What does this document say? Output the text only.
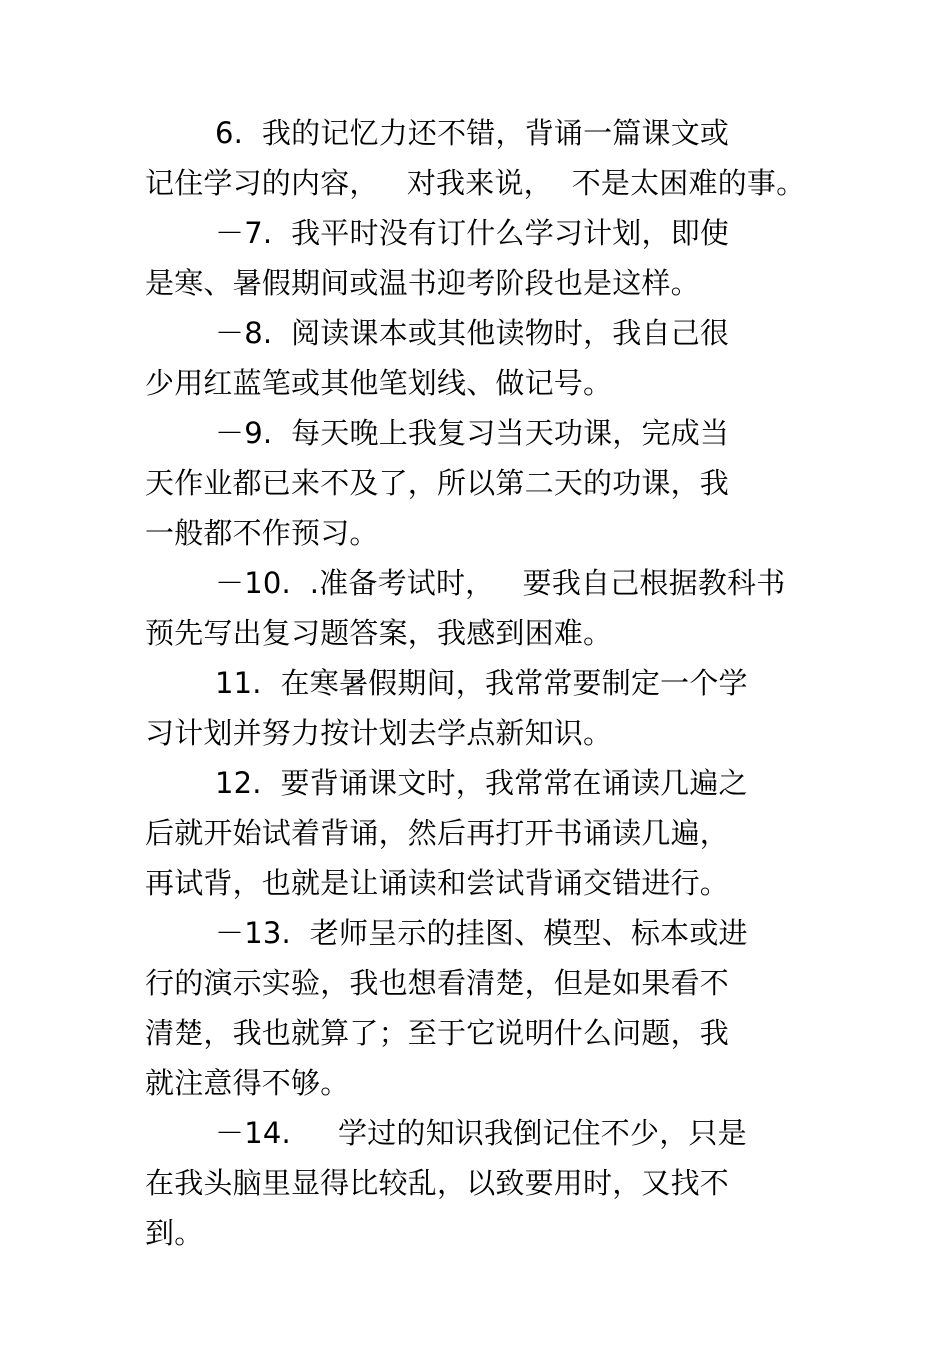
6.  我的记忆力还不错，背诵一篇课文或
记住学习的内容，   对我来说，  不是太困难的事。
－7.  我平时没有订什么学习计划，即使
是寒、暑假期间或温书迎考阶段也是这样。
－8.  阅读课本或其他读物时，我自己很
少用红蓝笔或其他笔划线、做记号。
－9.  每天晚上我复习当天功课，完成当
天作业都已来不及了，所以第二天的功课，我
一般都不作预习。
－10.  .准备考试时，   要我自己根据教科书
预先写出复习题答案，我感到困难。
11.  在寒暑假期间，我常常要制定一个学
习计划并努力按计划去学点新知识。
12.  要背诵课文时，我常常在诵读几遍之
后就开始试着背诵，然后再打开书诵读几遍，
再试背，也就是让诵读和尝试背诵交错进行。
－13.  老师呈示的挂图、模型、标本或进
行的演示实验，我也想看清楚，但是如果看不
清楚，我也就算了；至于它说明什么问题，我
就注意得不够。
－14.     学过的知识我倒记住不少，只是
在我头脑里显得比较乱，以致要用时，又找不
到。
